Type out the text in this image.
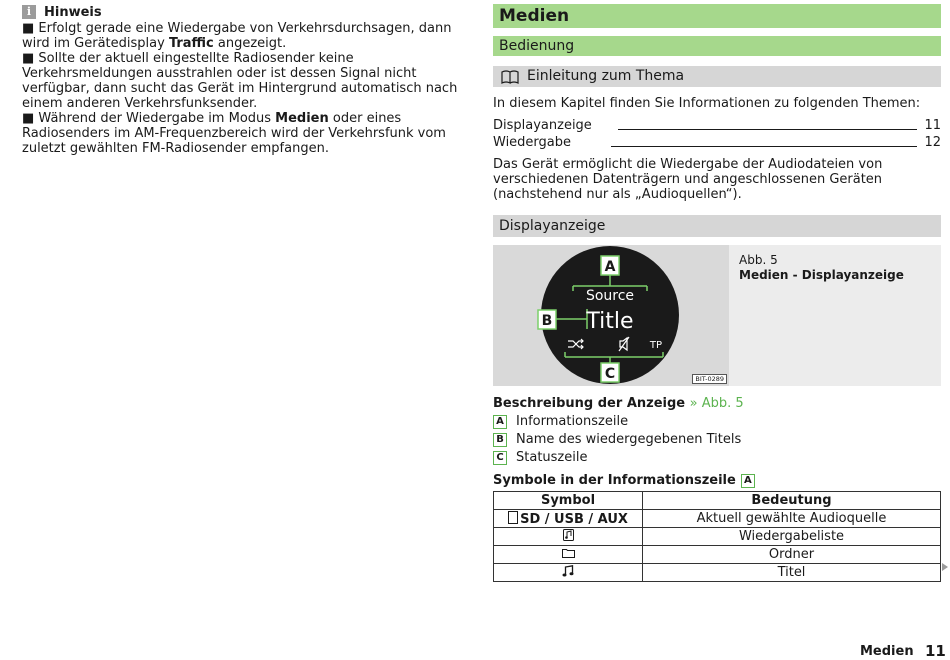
i Hinweis

■ Erfolgt gerade eine Wiedergabe von Verkehrsdurchsagen, dann wird im Gerätedisplay Traffic angezeigt.

■ Sollte der aktuell eingestellte Radiosender keine Verkehrsmeldungen ausstrahlen oder ist dessen Signal nicht verfügbar, dann sucht das Gerät im Hintergrund automatisch nach einem anderen Verkehrsfunksender.

■ Während der Wiedergabe im Modus Medien oder eines Radiosenders im AM-Frequenzbereich wird der Verkehrsfunk vom zuletzt gewählten FM-Radiosender empfangen.

Medien
Bedienung
Einleitung zum Thema
In diesem Kapitel finden Sie Informationen zu folgenden Themen:
Displayanzeige	11
Wiedergabe	12
Das Gerät ermöglicht die Wiedergabe der Audiodateien von verschiedenen Datenträgern und angeschlossenen Geräten (nachstehend nur als „Audioquellen“).
Displayanzeige
A
B
C
Source
Title
TP
BIT-0289
Abb. 5
Medien - Displayanzeige
Beschreibung der Anzeige » Abb. 5
A Informationszeile
B Name des wiedergegebenen Titels
C Statuszeile
Symbole in der Informationszeile A
Symbol	Bedeutung
SD / USB / AUX	Aktuell gewählte Audioquelle
	Wiedergabeliste
	Ordner
	Titel
Medien 11
